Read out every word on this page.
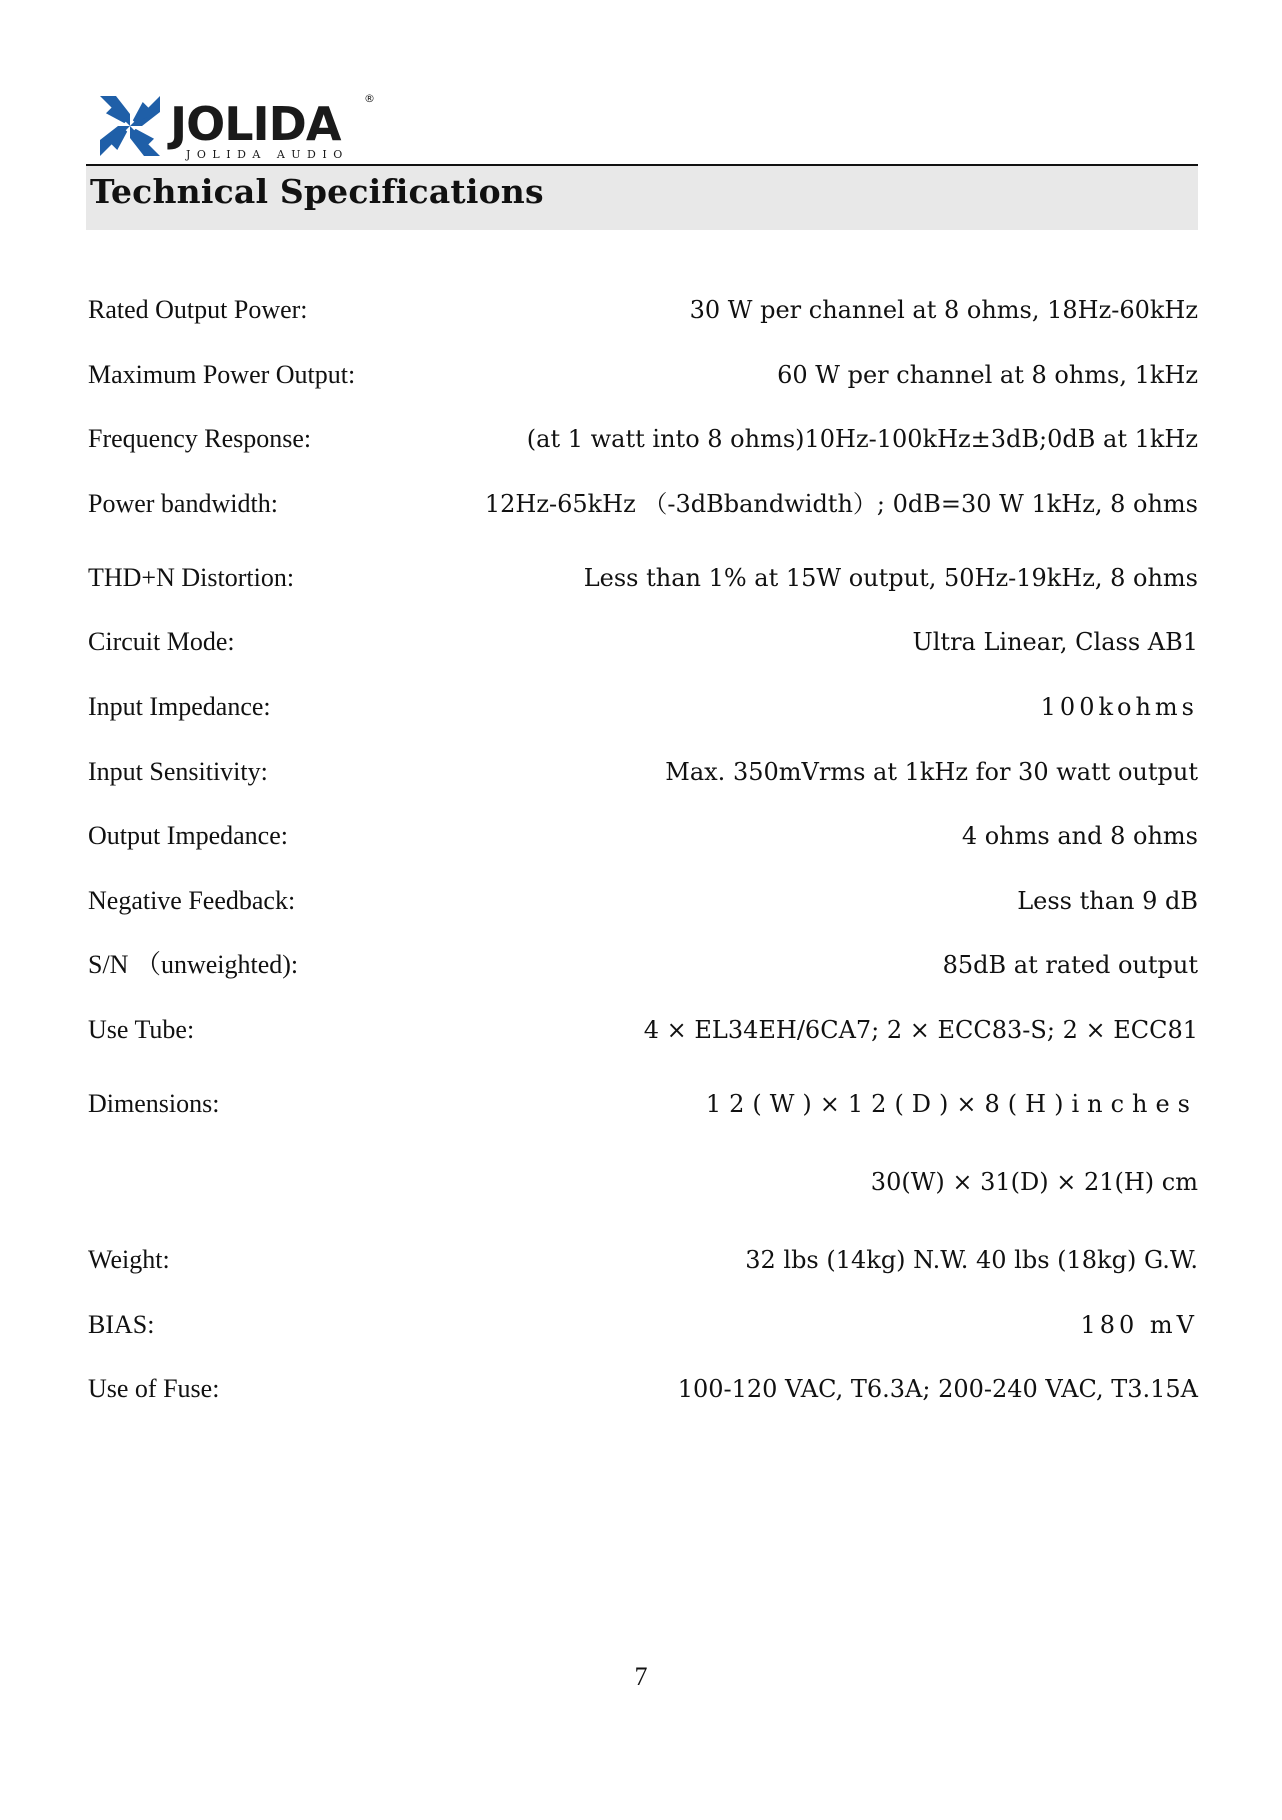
JOLIDA ®
JOLIDA AUDIO
Technical Specifications
Rated Output Power:	30 W per channel at 8 ohms, 18Hz-60kHz
Maximum Power Output:	60 W per channel at 8 ohms, 1kHz
Frequency Response:	(at 1 watt into 8 ohms)10Hz-100kHz±3dB;0dB at 1kHz
Power bandwidth:	12Hz-65kHz （-3dBbandwidth）; 0dB=30 W 1kHz, 8 ohms
THD+N Distortion:	Less than 1% at 15W output, 50Hz-19kHz, 8 ohms
Circuit Mode:	Ultra Linear, Class AB1
Input Impedance:	100kohms
Input Sensitivity:	Max. 350mVrms at 1kHz for 30 watt output
Output Impedance:	4 ohms and 8 ohms
Negative Feedback:	Less than 9 dB
S/N （unweighted):	85dB at rated output
Use Tube:	4 × EL34EH/6CA7; 2 × ECC83-S; 2 × ECC81
Dimensions:	12(W)×12(D)×8(H)inches
30(W) × 31(D) × 21(H) cm
Weight:	32 lbs (14kg) N.W. 40 lbs (18kg) G.W.
BIAS:	180 mV
Use of Fuse:	100-120 VAC, T6.3A; 200-240 VAC, T3.15A
7
